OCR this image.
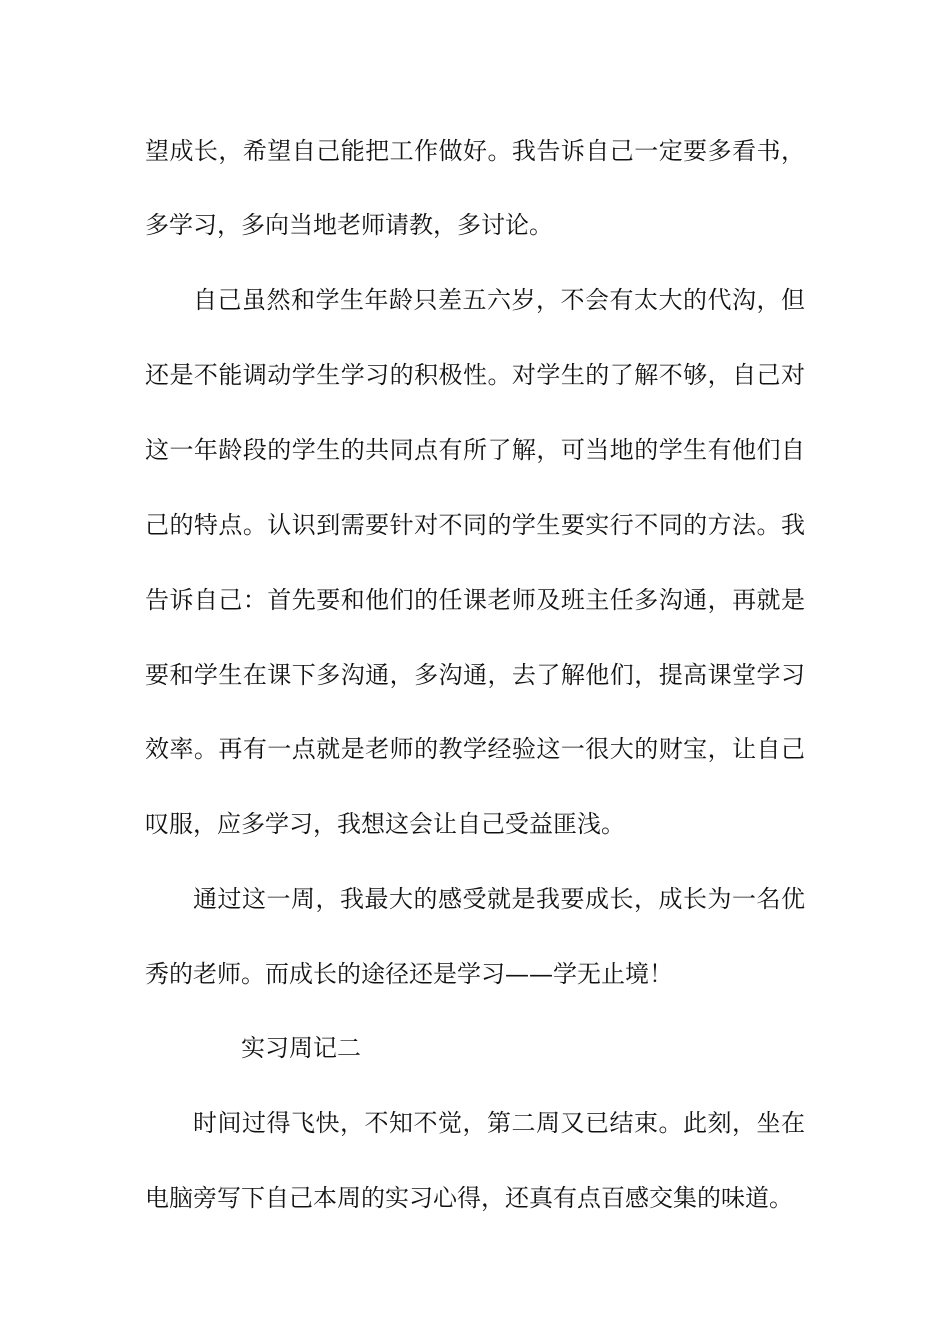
望成长，希望自己能把工作做好。我告诉自己一定要多看书，
多学习，多向当地老师请教，多讨论。
自己虽然和学生年龄只差五六岁，不会有太大的代沟，但
还是不能调动学生学习的积极性。对学生的了解不够，自己对
这一年龄段的学生的共同点有所了解，可当地的学生有他们自
己的特点。认识到需要针对不同的学生要实行不同的方法。我
告诉自己：首先要和他们的任课老师及班主任多沟通，再就是
要和学生在课下多沟通，多沟通，去了解他们，提高课堂学习
效率。再有一点就是老师的教学经验这一很大的财宝，让自己
叹服，应多学习，我想这会让自己受益匪浅。
通过这一周，我最大的感受就是我要成长，成长为一名优
秀的老师。而成长的途径还是学习——学无止境！
实习周记二
时间过得飞快，不知不觉，第二周又已结束。此刻，坐在
电脑旁写下自己本周的实习心得，还真有点百感交集的味道。
